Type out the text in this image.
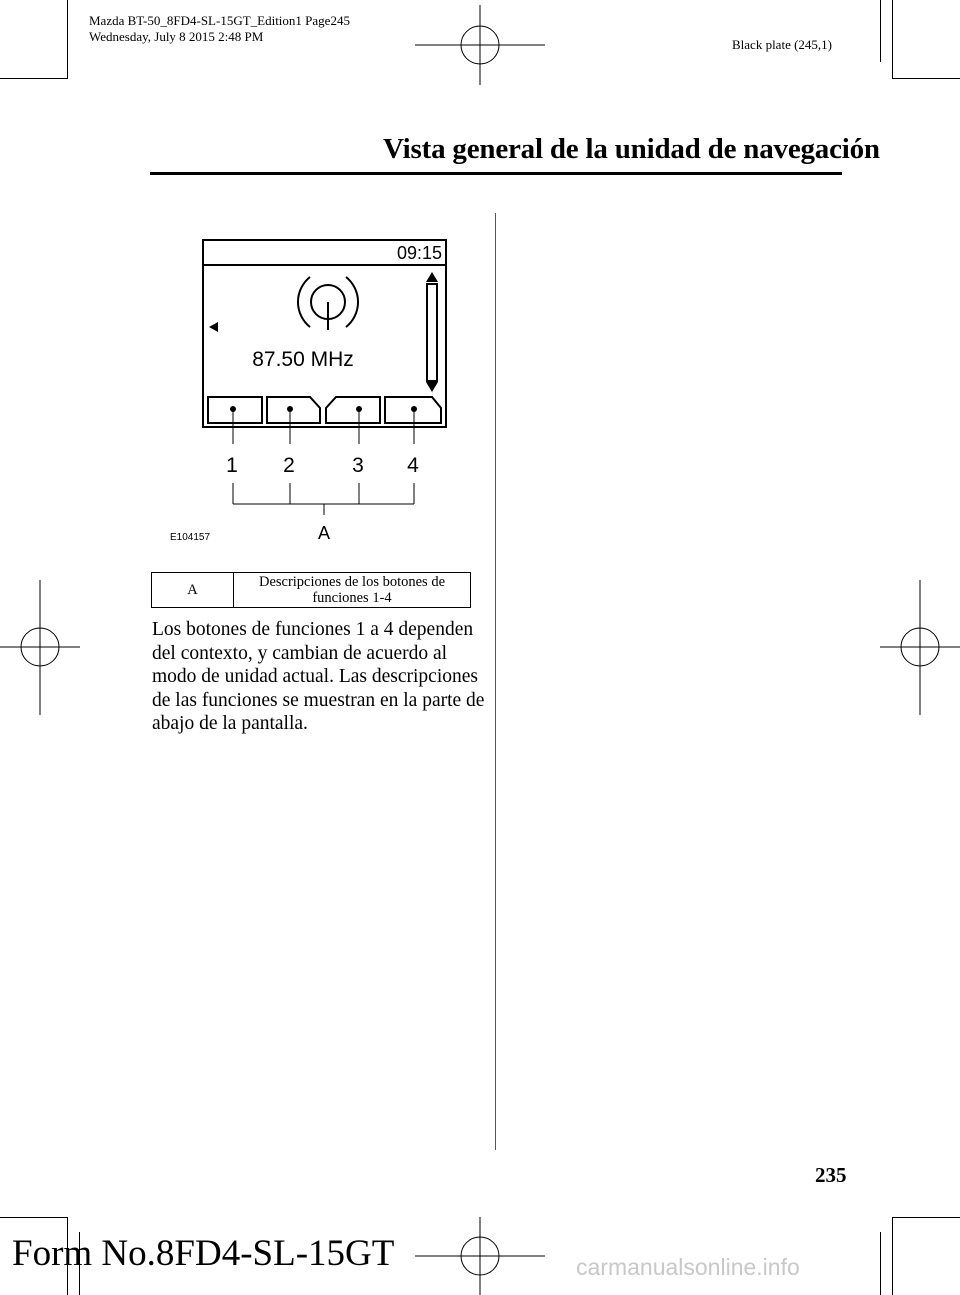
Mazda BT-50_8FD4-SL-15GT_Edition1 Page245
Wednesday, July 8 2015 2:48 PM
Black plate (245,1)
Vista general de la unidad de navegación
09:15
87.50 MHz
1 2	3 4
A
E104157
A	Descripciones de los botones de funciones 1-4
Los botones de funciones 1 a 4 dependen del contexto, y cambian de acuerdo al modo de unidad actual. Las descripciones de las funciones se muestran en la parte de abajo de la pantalla.
235
Form No.8FD4-SL-15GT	carmanualsonline.info
